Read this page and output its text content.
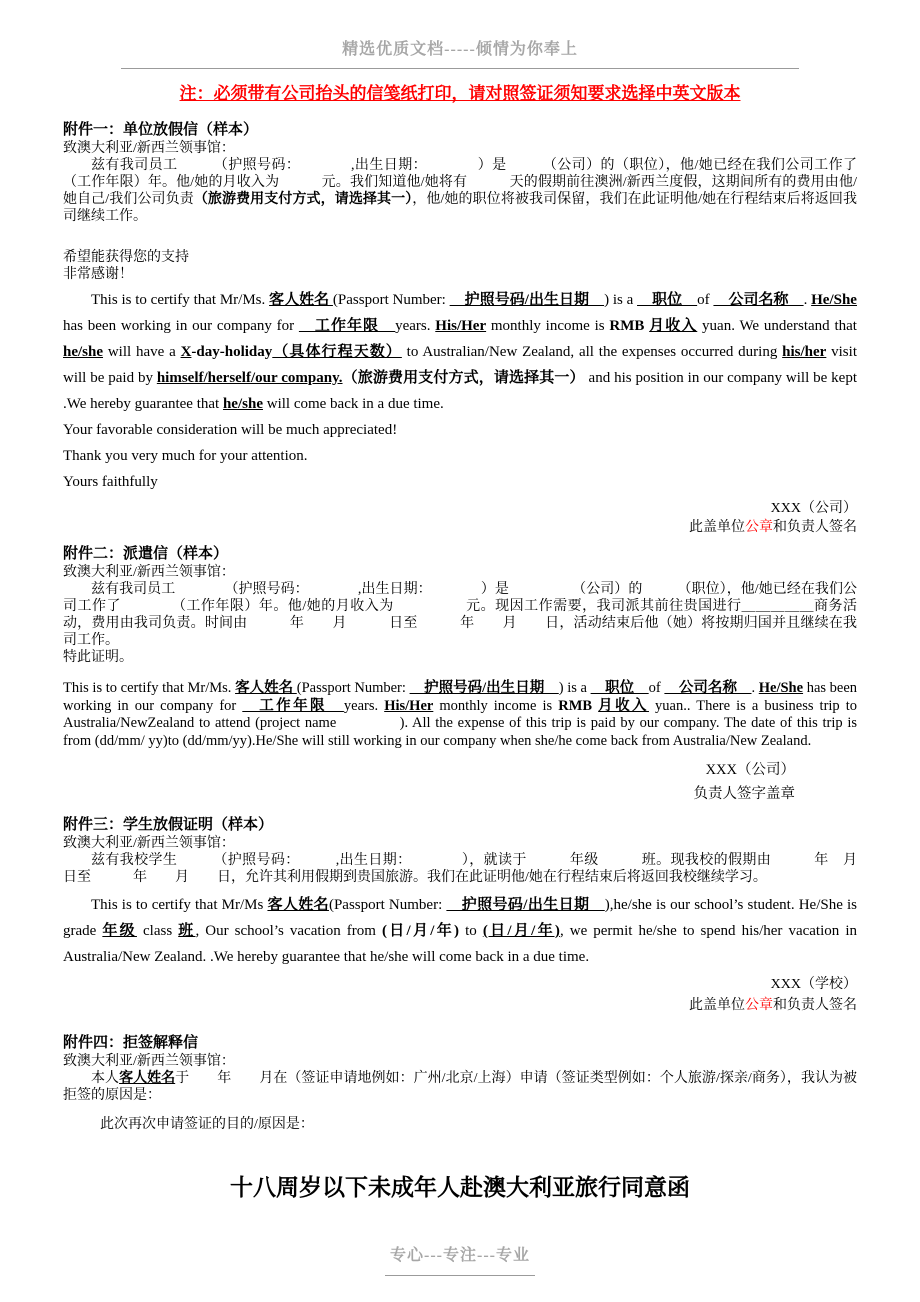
精选优质文档-----倾情为你奉上
注：必须带有公司抬头的信笺纸打印，请对照签证须知要求选择中英文版本
附件一：单位放假信（样本）
致澳大利亚/新西兰领事馆：

兹有我司员工　　　（护照号码：　　　　,出生日期：　　　　）是　　　（公司）的（职位），他/她已经在我们公司工作了　　（工作年限）年。他/她的月收入为　　　元。我们知道他/她将有　　　天的假期前往澳洲/新西兰度假，这期间所有的费用由他/她自己/我们公司负责（旅游费用支付方式，请选择其一），他/她的职位将被我司保留，我们在此证明他/她在行程结束后将返回我司继续工作。

希望能获得您的支持
非常感谢！

This is to certify that Mr/Ms. 客人姓名 (Passport Number: 　护照号码/出生日期　) is a 　职位　of 　公司名称　. He/She has been working in our company for 　工作年限　years. His/Her monthly income is RMB 月收入 yuan. We understand that he/she will have a X-day-holiday（具体行程天数） to Australian/New Zealand, all the expenses occurred during his/her visit will be paid by himself/herself/our company.（旅游费用支付方式，请选择其一） and his position in our company will be kept .We hereby guarantee that he/she will come back in a due time.

Your favorable consideration will be much appreciated!
Thank you very much for your attention.
Yours faithfully
XXX（公司）
此盖单位公章和负责人签名
附件二：派遣信（样本）
致澳大利亚/新西兰领事馆：

兹有我司员工　　　　（护照号码：　　　　,出生日期：　　　　）是　　　　　（公司）的　　　（职位），他/她已经在我们公司工作了　　　　（工作年限）年。他/她的月收入为　　　　　元。现因工作需要，我司派其前往贵国进行＿＿＿＿＿商务活动，费用由我司负责。时间由　　　年　　月　　　日至　　　年　　月　　日，活动结束后他（她）将按期归国并且继续在我司工作。

特此证明。

This is to certify that Mr/Ms. 客人姓名 (Passport Number: 　护照号码/出生日期　) is a 　职位　of 　公司名称　. He/She has been working in our company for 　工作年限　years. His/Her monthly income is RMB 月收入 yuan.. There is a business trip to Australia/NewZealand to attend (project name　　　　). All the expense of this trip is paid by our company. The date of this trip is from (dd/mm/ yy)to (dd/mm/yy).He/She will still working in our company when she/he come back from Australia/New Zealand.

XXX（公司）
负责人签字盖章
附件三：学生放假证明（样本）
致澳大利亚/新西兰领事馆：

兹有我校学生　　　（护照号码：　　　,出生日期：　　　　），就读于　　　年级　　　班。现我校的假期由　　　年　月　　日至　　　年　　月　　日，允许其利用假期到贵国旅游。我们在此证明他/她在行程结束后将返回我校继续学习。

This is to certify that Mr/Ms 客人姓名(Passport Number: 　护照号码/出生日期　),he/she is our school’s student. He/She is grade 年级 class 班, Our school’s vacation from (日/月/年) to (日/月/年), we permit he/she to spend his/her vacation in Australia/New Zealand. .We hereby guarantee that he/she will come back in a due time.

XXX（学校）
此盖单位公章和负责人签名
附件四：拒签解释信
致澳大利亚/新西兰领事馆：

本人客人姓名于　　年　　月在（签证申请地例如：广州/北京/上海）申请（签证类型例如：个人旅游/探亲/商务），我认为被拒签的原因是：

此次再次申请签证的目的/原因是：
十八周岁以下未成年人赴澳大利亚旅行同意函
专心---专注---专业
